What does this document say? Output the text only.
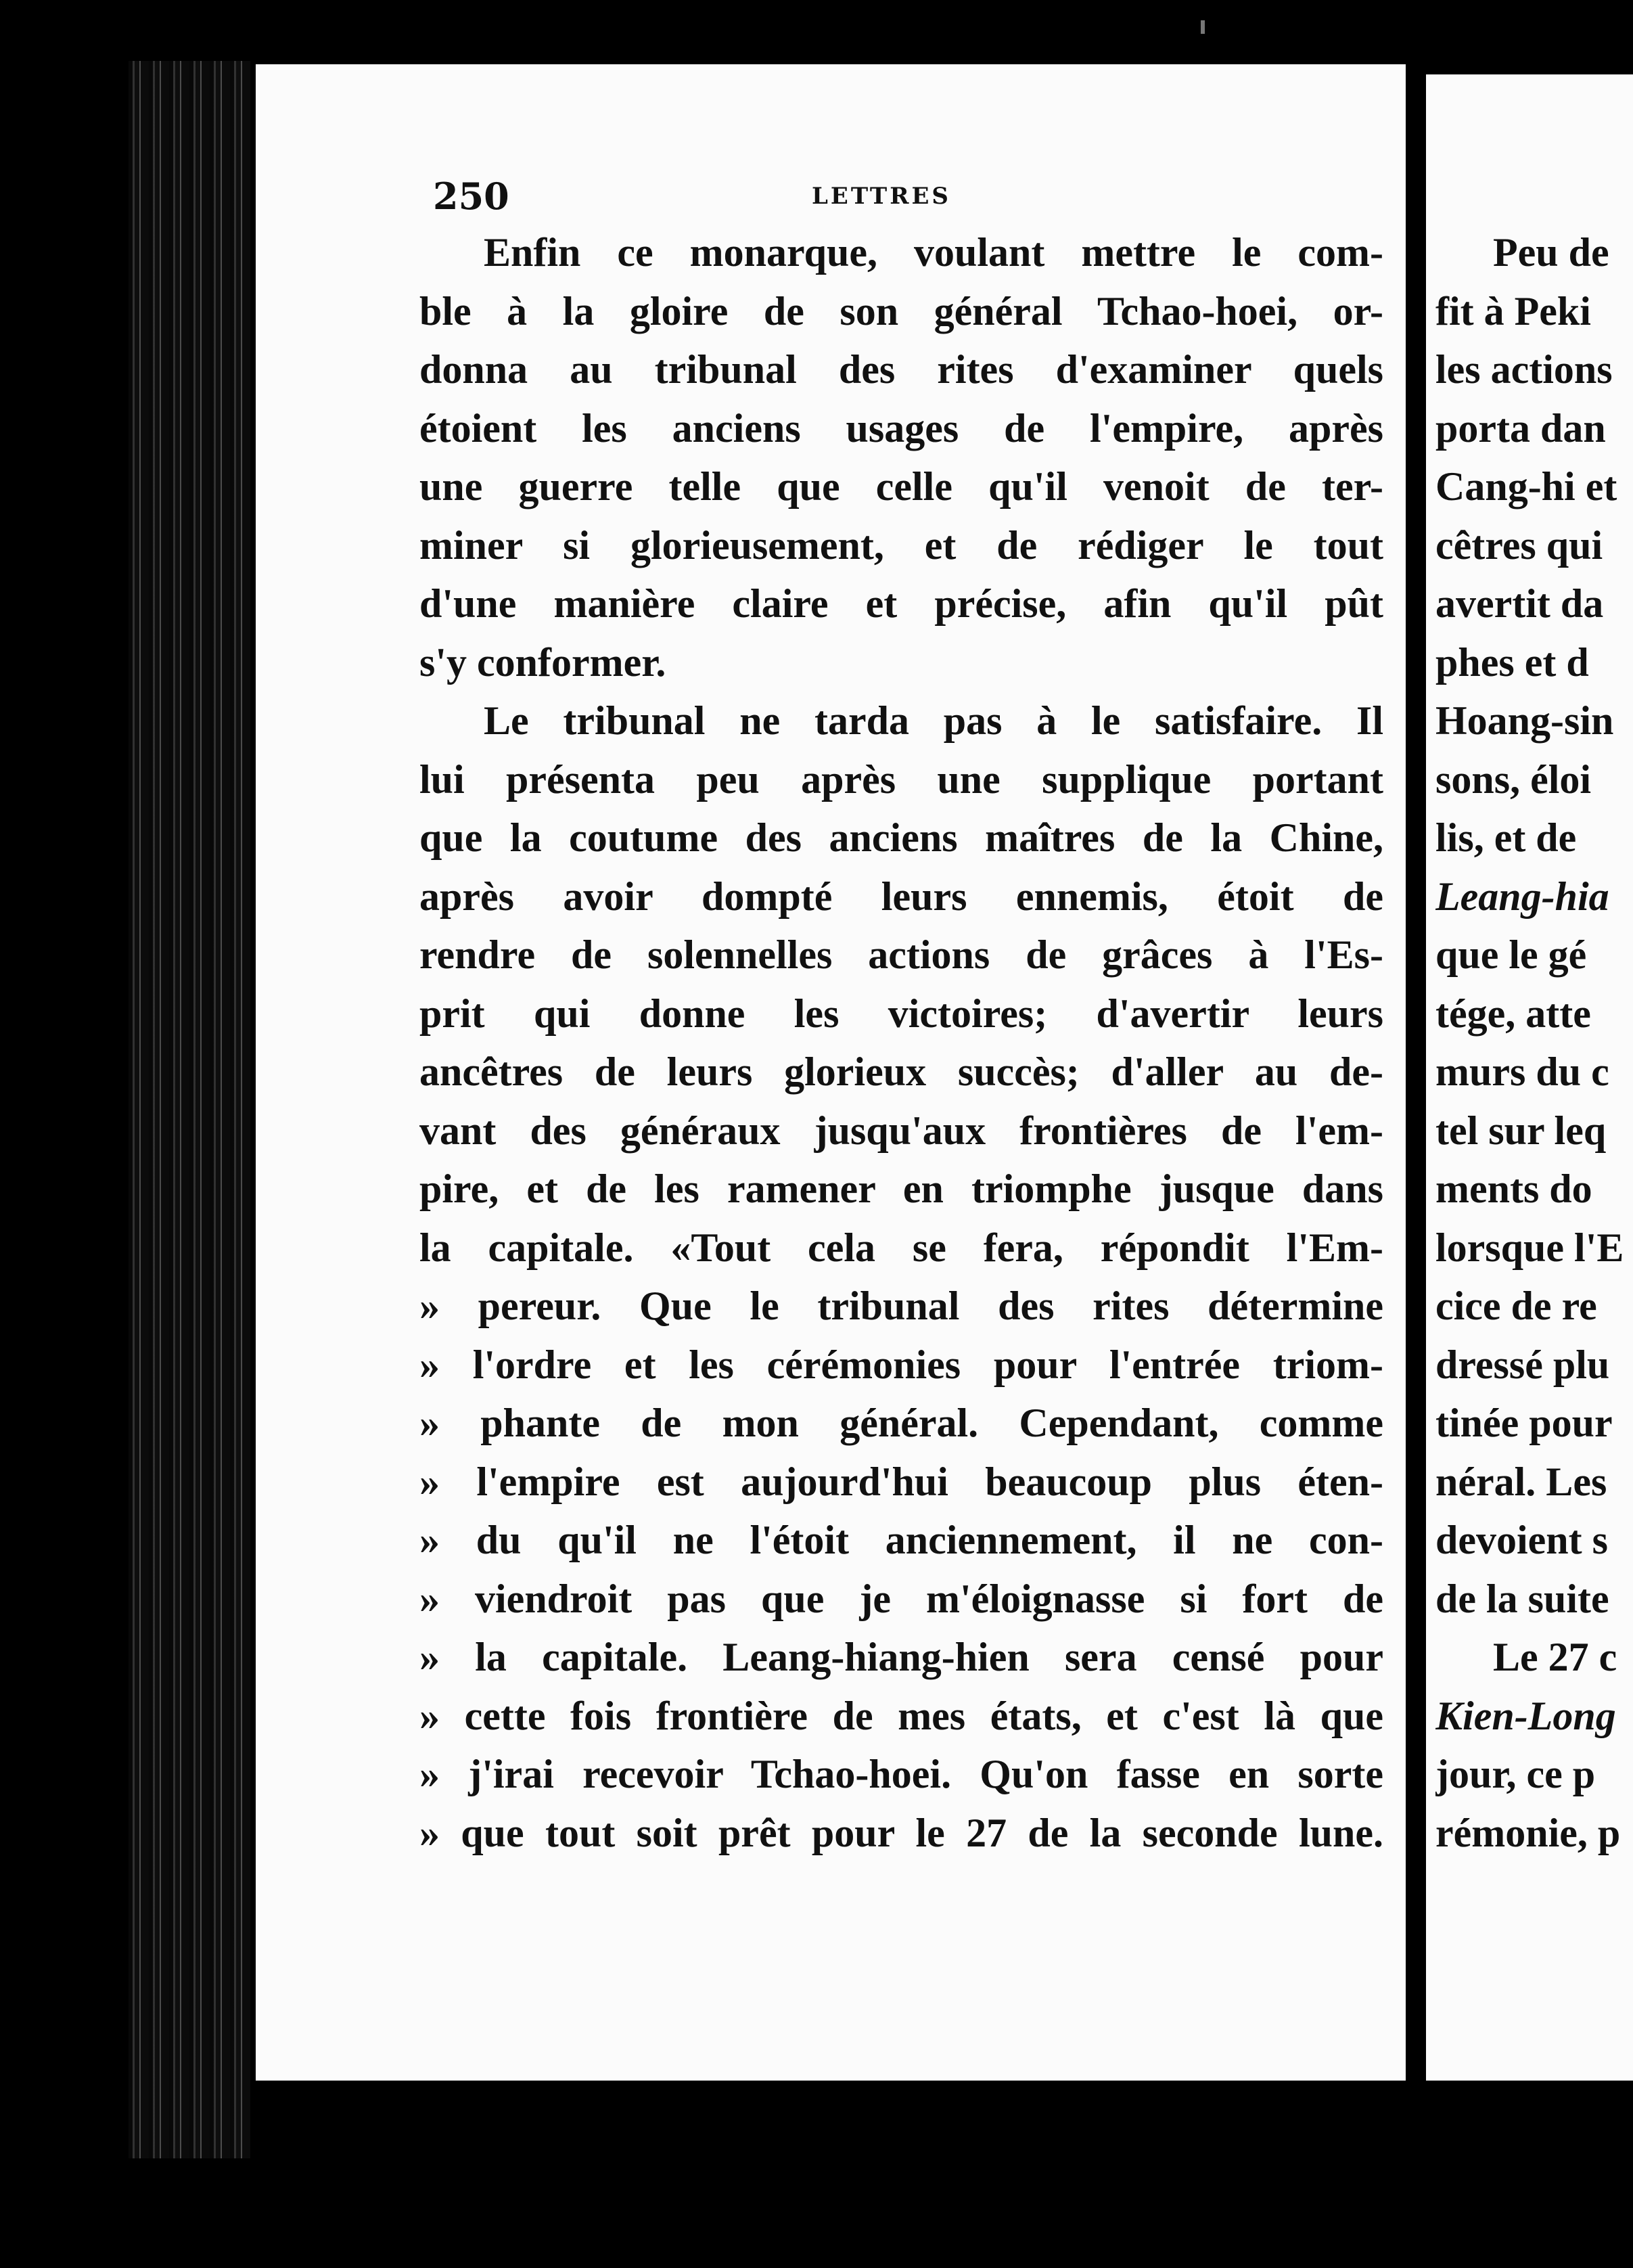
250	LETTRES
Enfin ce monarque, voulant mettre le com-
ble à la gloire de son général Tchao-hoei, or-
donna au tribunal des rites d'examiner quels
étoient les anciens usages de l'empire, après
une guerre telle que celle qu'il venoit de ter-
miner si glorieusement, et de rédiger le tout
d'une manière claire et précise, afin qu'il pût
s'y conformer.
Le tribunal ne tarda pas à le satisfaire. Il
lui présenta peu après une supplique portant
que la coutume des anciens maîtres de la Chine,
après avoir dompté leurs ennemis, étoit de
rendre de solennelles actions de grâces à l'Es-
prit qui donne les victoires; d'avertir leurs
ancêtres de leurs glorieux succès; d'aller au de-
vant des généraux jusqu'aux frontières de l'em-
pire, et de les ramener en triomphe jusque dans
la capitale. «Tout cela se fera, répondit l'Em-
» pereur. Que le tribunal des rites détermine
» l'ordre et les cérémonies pour l'entrée triom-
» phante de mon général. Cependant, comme
» l'empire est aujourd'hui beaucoup plus éten-
» du qu'il ne l'étoit anciennement, il ne con-
» viendroit pas que je m'éloignasse si fort de
» la capitale. Leang-hiang-hien sera censé pour
» cette fois frontière de mes états, et c'est là que
» j'irai recevoir Tchao-hoei. Qu'on fasse en sorte
» que tout soit prêt pour le 27 de la seconde lune.
Peu de
fit à Peki
les actions
porta dan
Cang-hi et
cêtres qui
avertit da
phes et d
Hoang-sin
sons, éloi
lis, et de
Leang-hia
que le gé
tége, atte
murs du c
tel sur leq
ments do
lorsque l'E
cice de re
dressé plu
tinée pour
néral. Les
devoient s
de la suite
Le 27 c
Kien-Long
jour, ce p
rémonie, p
